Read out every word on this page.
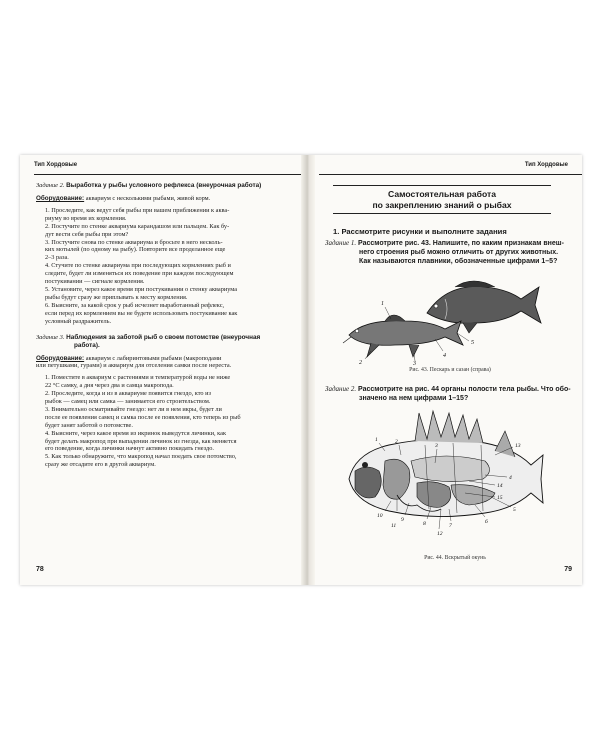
Тип Хордовые
Задание 2. Выработка у рыбы условного рефлекса (внеурочная работа)
Оборудование: аквариум с несколькими рыбами, живой корм.

1. Проследите, как ведут себя рыбы при вашем приближении к аква-

риуму во время их кормления.

2. Постучите по стенке аквариума карандашом или пальцем. Как бу-

дут вести себя рыбы при этом?

3. Постучите снова по стенке аквариума и бросьте в него несколь-

ких мотылей (по одному на рыбу). Повторите все проделанное еще

2–3 раза.

4. Стучите по стенке аквариума при последующих кормлениях рыб и

следите, будет ли изменяться их поведение при каждом последующем

постукивании — сигнале кормления.

5. Установите, через какое время при постукивании о стенку аквариума

рыбы будут сразу же приплывать к месту кормления.

6. Выясните, за какой срок у рыб исчезнет выработанный рефлекс,

если перед их кормлением вы не будете использовать постукивание как

условный раздражитель.

Задание 3. Наблюдения за заботой рыб о своем потомстве (внеурочная
работа).
Оборудование: аквариум с лабиринтовыми рыбами (макроподами
или петушками, гурами) и аквариум для отселения самки после нереста.

1. Поместите в аквариум с растениями и температурой воды не ниже

22 °С самку, а дня через два и самца макропода.

2. Проследите, когда и из в аквариуме появится гнездо, кто из

рыбок — самец или самка — занимается его строительством.

3. Внимательно осматривайте гнездо: нет ли в нем икры, будет ли

после ее появления самец и самка после ее появления, кто теперь из рыб

будет занят заботой о потомстве.

4. Выясните, через какое время из икринок выведутся личинки, как

будет делать макропод при выпадении личинок из гнезда, как меняется

его поведение, когда личинки начнут активно покидать гнездо.

5. Как только обнаружите, что макропод начал поедать свое потомство,

сразу же отсадите его в другой аквариум.

78
Тип Хордовые
Самостоятельная работа
по закреплению знаний о рыбах
1. Рассмотрите рисунки и выполните задания
Задание 1. Рассмотрите рис. 43. Напишите, по каким признакам внеш-
него строения рыб можно отличить от других животных.
Как называются плавники, обозначенные цифрами 1–5?
1
2	3
4
5
Рис. 43. Пескарь и сазан (справа)
Задание 2. Рассмотрите на рис. 44 органы полости тела рыбы. Что обо-
значено на нем цифрами 1–15?
1	2
3
4
5
6
7
8
9
10
11
12
13
14
15
Рис. 44. Вскрытый окунь
79
